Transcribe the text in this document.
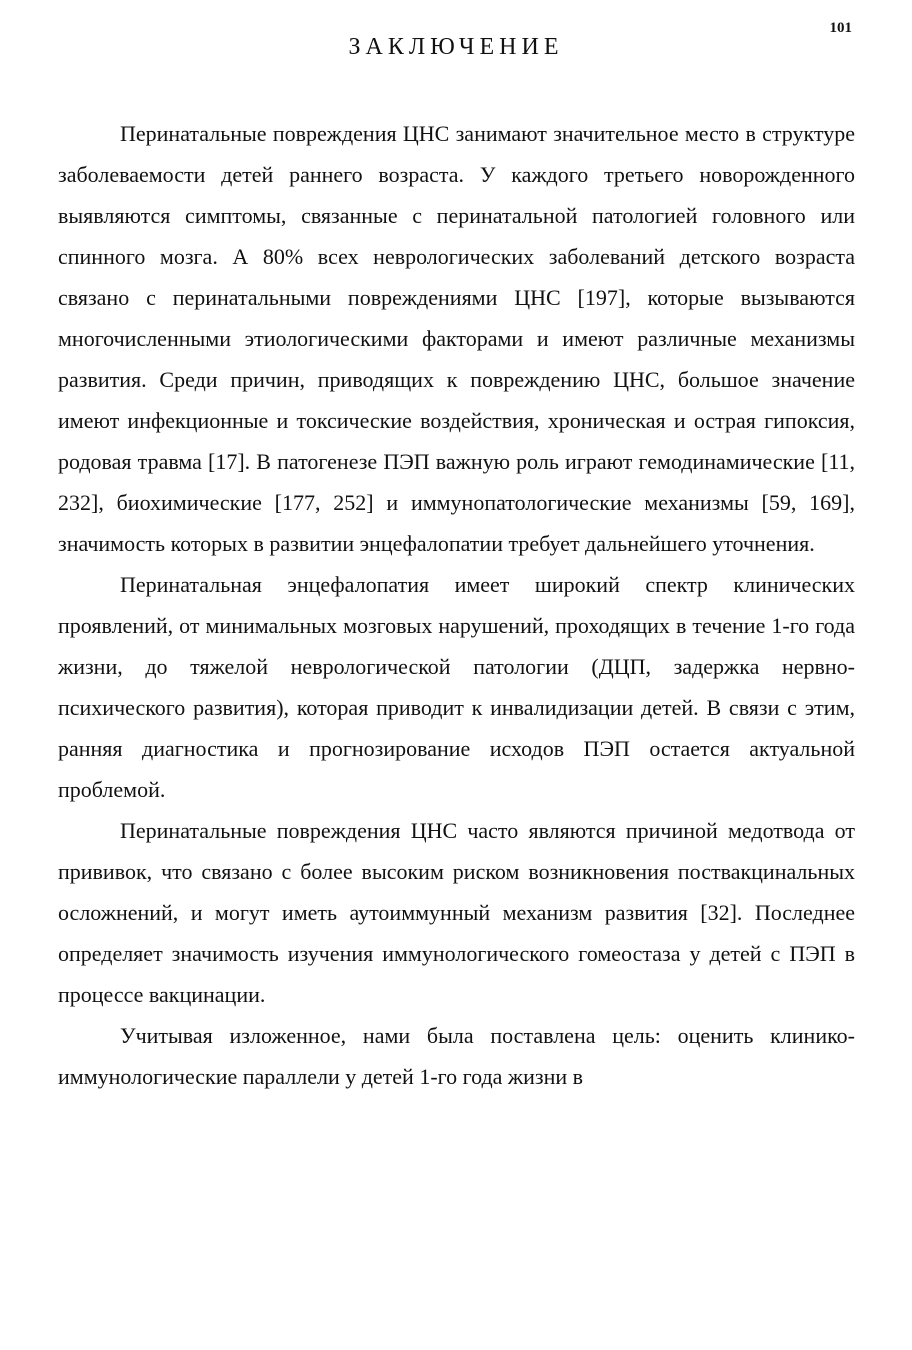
101
ЗАКЛЮЧЕНИЕ

Перинатальные повреждения ЦНС занимают значительное место в структуре заболеваемости детей раннего возраста. У каждого третьего новорожденного выявляются симптомы, связанные с перинатальной патологией головного или спинного мозга. А 80% всех неврологических заболеваний детского возраста связано с перинатальными повреждениями ЦНС [197], которые вызываются многочисленными этиологическими факторами и имеют различные механизмы развития. Среди причин, приводящих к повреждению ЦНС, большое значение имеют инфекционные и токсические воздействия, хроническая и острая гипоксия, родовая травма [17]. В патогенезе ПЭП важную роль играют гемодинамические [11, 232], биохимические [177, 252] и иммунопатологические механизмы [59, 169], значимость которых в развитии энцефалопатии требует дальнейшего уточнения.

Перинатальная энцефалопатия имеет широкий спектр клинических проявлений, от минимальных мозговых нарушений, проходящих в течение 1-го года жизни, до тяжелой неврологической патологии (ДЦП, задержка нервно-психического развития), которая приводит к инвалидизации детей. В связи с этим, ранняя диагностика и прогнозирование исходов ПЭП остается актуальной проблемой.

Перинатальные повреждения ЦНС часто являются причиной медотвода от прививок, что связано с более высоким риском возникновения поствакцинальных осложнений, и могут иметь аутоиммунный механизм развития [32]. Последнее определяет значимость изучения иммунологического гомеостаза у детей с ПЭП в процессе вакцинации.

Учитывая изложенное, нами была поставлена цель: оценить клинико-иммунологические параллели у детей 1-го года жизни в
